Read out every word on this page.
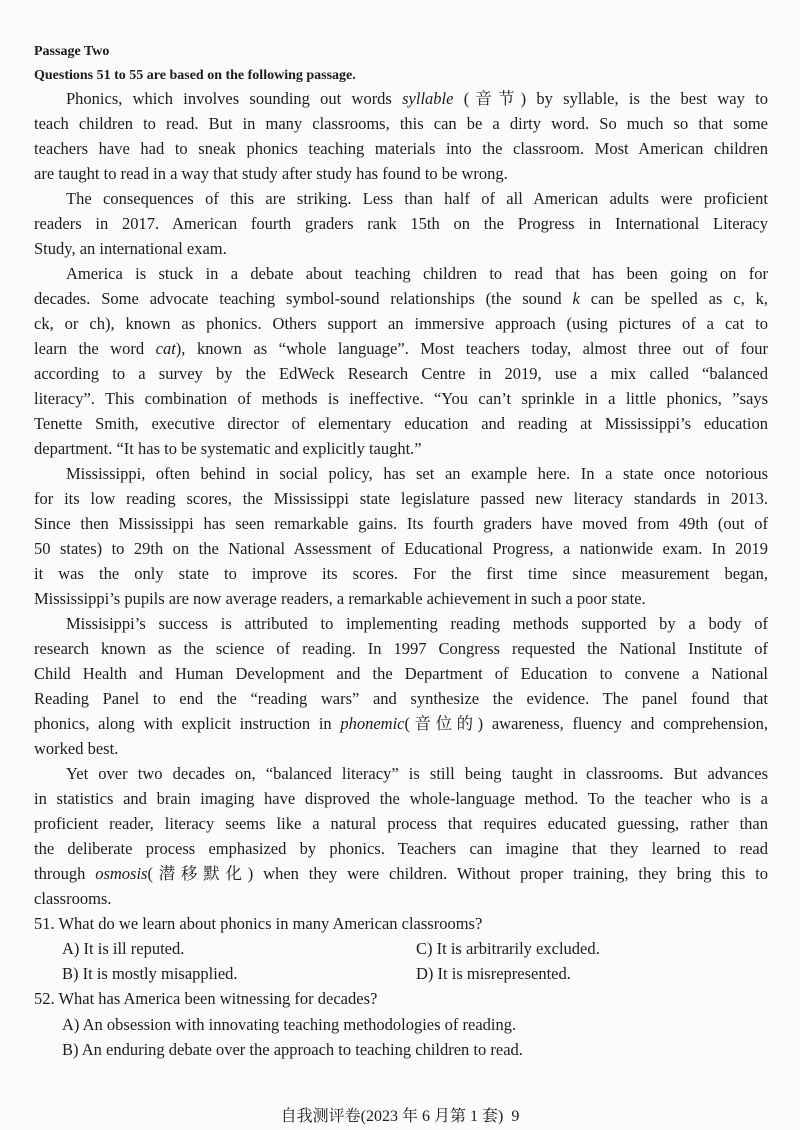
Passage Two
Questions 51 to 55 are based on the following passage.
Phonics, which involves sounding out words syllable (音节) by syllable, is the best way to
teach children to read. But in many classrooms, this can be a dirty word. So much so that some
teachers have had to sneak phonics teaching materials into the classroom. Most American children
are taught to read in a way that study after study has found to be wrong.
The consequences of this are striking. Less than half of all American adults were proficient
readers in 2017. American fourth graders rank 15th on the Progress in International Literacy
Study, an international exam.
America is stuck in a debate about teaching children to read that has been going on for
decades. Some advocate teaching symbol-sound relationships (the sound k can be spelled as c, k,
ck, or ch), known as phonics. Others support an immersive approach (using pictures of a cat to
learn the word cat), known as “whole language”. Most teachers today, almost three out of four
according to a survey by the EdWeck Research Centre in 2019, use a mix called “balanced
literacy”. This combination of methods is ineffective. “You can’t sprinkle in a little phonics, ”says
Tenette Smith, executive director of elementary education and reading at Mississippi’s education
department. “It has to be systematic and explicitly taught.”
Mississippi, often behind in social policy, has set an example here. In a state once notorious
for its low reading scores, the Mississippi state legislature passed new literacy standards in 2013.
Since then Mississippi has seen remarkable gains. Its fourth graders have moved from 49th (out of
50 states) to 29th on the National Assessment of Educational Progress, a nationwide exam. In 2019
it was the only state to improve its scores. For the first time since measurement began,
Mississippi’s pupils are now average readers, a remarkable achievement in such a poor state.
Missisippi’s success is attributed to implementing reading methods supported by a body of
research known as the science of reading. In 1997 Congress requested the National Institute of
Child Health and Human Development and the Department of Education to convene a National
Reading Panel to end the “reading wars” and synthesize the evidence. The panel found that
phonics, along with explicit instruction in phonemic(音位的) awareness, fluency and comprehension,
worked best.
Yet over two decades on, “balanced literacy” is still being taught in classrooms. But advances
in statistics and brain imaging have disproved the whole-language method. To the teacher who is a
proficient reader, literacy seems like a natural process that requires educated guessing, rather than
the deliberate process emphasized by phonics. Teachers can imagine that they learned to read
through osmosis(潜移默化) when they were children. Without proper training, they bring this to
classrooms.
51. What do we learn about phonics in many American classrooms?
A) It is ill reputed.	C) It is arbitrarily excluded.
B) It is mostly misapplied.	D) It is misrepresented.
52. What has America been witnessing for decades?
A) An obsession with innovating teaching methodologies of reading.
B) An enduring debate over the approach to teaching children to read.
自我测评卷(2023 年 6 月第 1 套) 9
